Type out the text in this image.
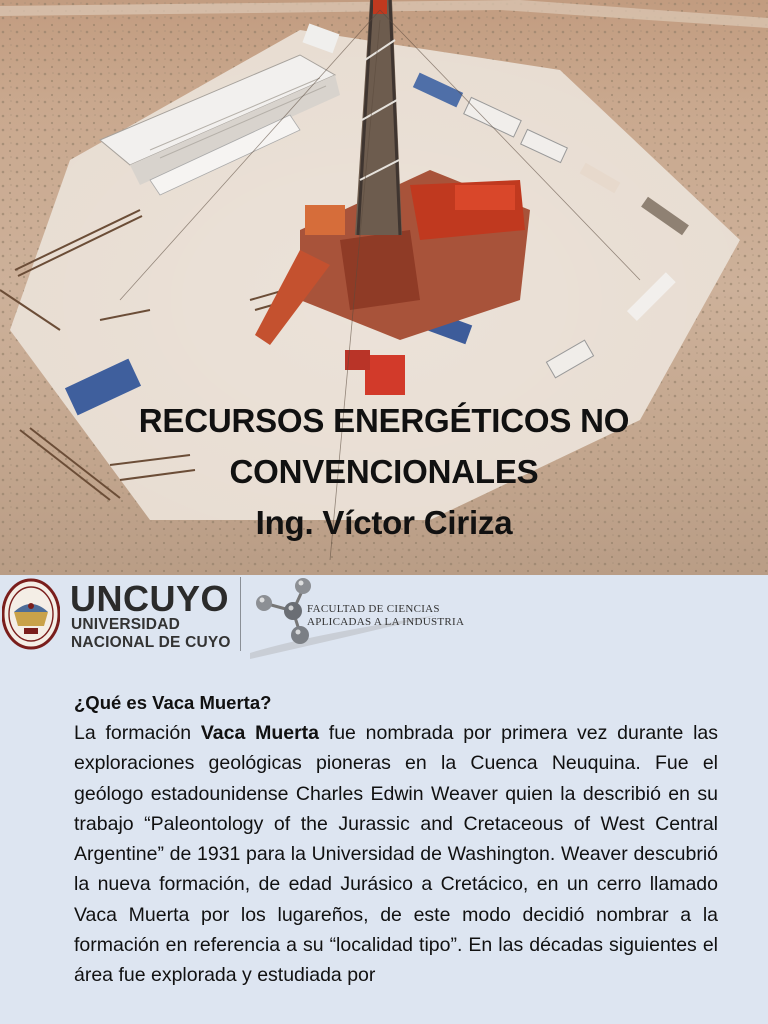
RECURSOS ENERGÉTICOS NO
CONVENCIONALES
Ing. Víctor Ciriza
UNCUYO
UNIVERSIDAD
NACIONAL DE CUYO
FACULTAD DE CIENCIAS
APLICADAS A LA INDUSTRIA
¿Qué es Vaca Muerta?

La formación Vaca Muerta fue nombrada por primera vez durante las exploraciones geológicas pioneras en la Cuenca Neuquina. Fue el geólogo estadounidense Charles Edwin Weaver quien la describió en su trabajo “Paleontology of the Jurassic and Cretaceous of West Central Argentine” de 1931 para la Universidad de Washington. Weaver descubrió la nueva formación, de edad Jurásico a Cretácico, en un cerro llamado Vaca Muerta por los lugareños, de este modo decidió nombrar a la formación en referencia a su “localidad tipo”. En las décadas siguientes el área fue explorada y estudiada por
